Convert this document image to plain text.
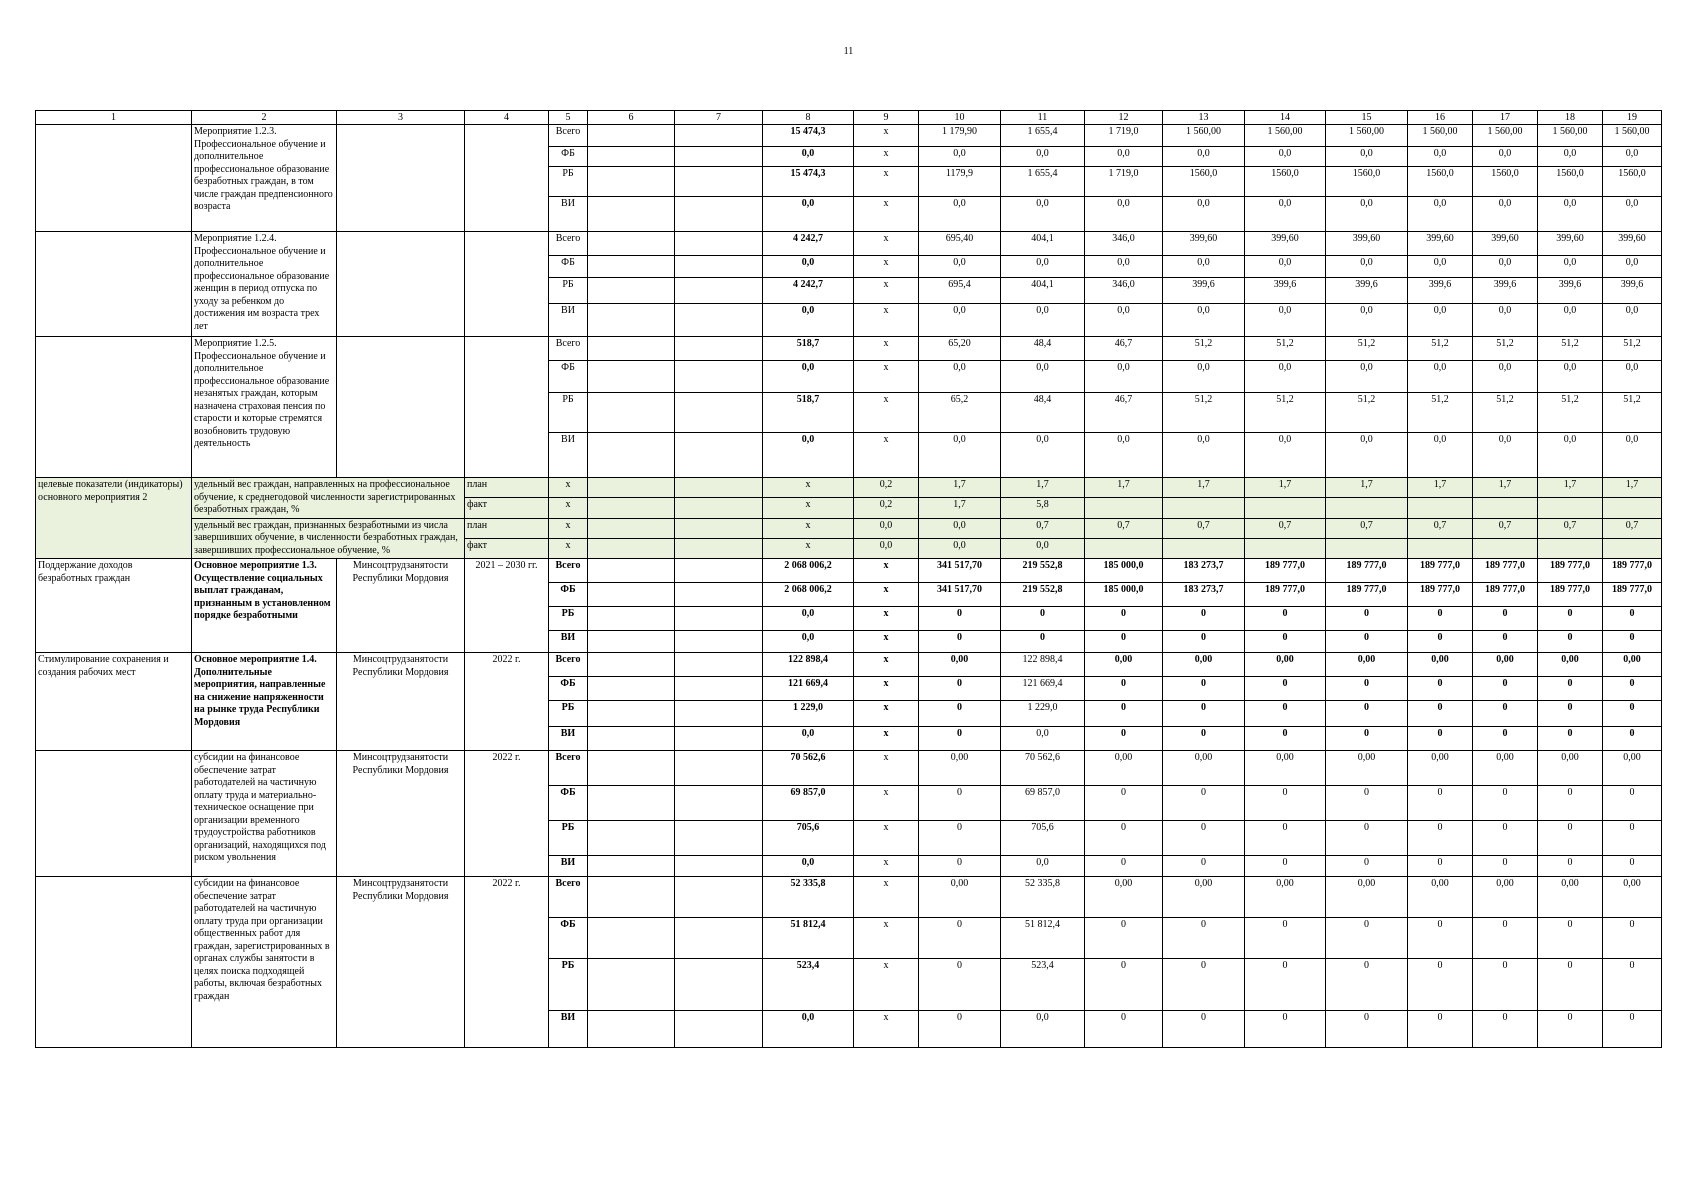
11
1	2	3	4	5	6	7	8	9	10	11	12	13	14	15	16	17	18	19
	Мероприятие 1.2.3. Профессиональное обучение и дополнительное профессиональное образование безработных граждан, в том числе граждан предпенсионного возраста			Всего			15 474,3	x	1 179,90	1 655,4	1 719,0	1 560,00	1 560,00	1 560,00	1 560,00	1 560,00	1 560,00	1 560,00
				ФБ			0,0	x	0,0	0,0	0,0	0,0	0,0	0,0	0,0	0,0	0,0	0,0
				РБ			15 474,3	x	1179,9	1 655,4	1 719,0	1560,0	1560,0	1560,0	1560,0	1560,0	1560,0	1560,0
				ВИ			0,0	x	0,0	0,0	0,0	0,0	0,0	0,0	0,0	0,0	0,0	0,0
	Мероприятие 1.2.4. Профессиональное обучение и дополнительное профессиональное образование женщин в период отпуска по уходу за ребенком до достижения им возраста трех лет			Всего			4 242,7	x	695,40	404,1	346,0	399,60	399,60	399,60	399,60	399,60	399,60	399,60
				ФБ			0,0	x	0,0	0,0	0,0	0,0	0,0	0,0	0,0	0,0	0,0	0,0
				РБ			4 242,7	x	695,4	404,1	346,0	399,6	399,6	399,6	399,6	399,6	399,6	399,6
				ВИ			0,0	x	0,0	0,0	0,0	0,0	0,0	0,0	0,0	0,0	0,0	0,0
	Мероприятие 1.2.5. Профессиональное обучение и дополнительное профессиональное образование незанятых граждан, которым назначена страховая пенсия по старости и которые стремятся возобновить трудовую деятельность			Всего			518,7	x	65,20	48,4	46,7	51,2	51,2	51,2	51,2	51,2	51,2	51,2
				ФБ			0,0	x	0,0	0,0	0,0	0,0	0,0	0,0	0,0	0,0	0,0	0,0
				РБ			518,7	x	65,2	48,4	46,7	51,2	51,2	51,2	51,2	51,2	51,2	51,2
				ВИ			0,0	x	0,0	0,0	0,0	0,0	0,0	0,0	0,0	0,0	0,0	0,0
целевые показатели (индикаторы) основного мероприятия 2	удельный вес граждан, направленных на профессиональное обучение, к среднегодовой численности зарегистрированных безработных граждан, %		план	x			x	0,2	1,7	1,7	1,7	1,7	1,7	1,7	1,7	1,7	1,7	1,7
			факт	x			x	0,2	1,7	5,8								
	удельный вес граждан, признанных безработными из числа завершивших обучение, в численности безработных граждан, завершивших профессиональное обучение, %		план	x			x	0,0	0,0	0,7	0,7	0,7	0,7	0,7	0,7	0,7	0,7	0,7
			факт	x			x	0,0	0,0	0,0								
Поддержание доходов безработных граждан	Основное мероприятие 1.3. Осуществление социальных выплат гражданам, признанным в установленном порядке безработными	Минсоцтрудзанятости Республики Мордовия	2021 – 2030 гг.	Всего			2 068 006,2	x	341 517,70	219 552,8	185 000,0	183 273,7	189 777,0	189 777,0	189 777,0	189 777,0	189 777,0	189 777,0
				ФБ			2 068 006,2	x	341 517,70	219 552,8	185 000,0	183 273,7	189 777,0	189 777,0	189 777,0	189 777,0	189 777,0	189 777,0
				РБ			0,0	x	0	0	0	0	0	0	0	0	0	0
				ВИ			0,0	x	0	0	0	0	0	0	0	0	0	0
Стимулирование сохранения и создания рабочих мест	Основное мероприятие 1.4. Дополнительные мероприятия, направленные на снижение напряженности на рынке труда Республики Мордовия	Минсоцтрудзанятости Республики Мордовия	2022 г.	Всего			122 898,4	x	0,00	122 898,4	0,00	0,00	0,00	0,00	0,00	0,00	0,00	0,00
				ФБ			121 669,4	x	0	121 669,4	0	0	0	0	0	0	0	0
				РБ			1 229,0	x	0	1 229,0	0	0	0	0	0	0	0	0
				ВИ			0,0	x	0	0,0	0	0	0	0	0	0	0	0
	субсидии на финансовое обеспечение затрат работодателей на частичную оплату труда и материально-техническое оснащение при организации временного трудоустройства работников организаций, находящихся под риском увольнения	Минсоцтрудзанятости Республики Мордовия	2022 г.	Всего			70 562,6	x	0,00	70 562,6	0,00	0,00	0,00	0,00	0,00	0,00	0,00	0,00
				ФБ			69 857,0	x	0	69 857,0	0	0	0	0	0	0	0	0
				РБ			705,6	x	0	705,6	0	0	0	0	0	0	0	0
				ВИ			0,0	x	0	0,0	0	0	0	0	0	0	0	0
	субсидии на финансовое обеспечение затрат работодателей на частичную оплату труда при организации общественных работ для граждан, зарегистрированных в органах службы занятости в целях поиска подходящей работы, включая безработных граждан	Минсоцтрудзанятости Республики Мордовия	2022 г.	Всего			52 335,8	x	0,00	52 335,8	0,00	0,00	0,00	0,00	0,00	0,00	0,00	0,00
				ФБ			51 812,4	x	0	51 812,4	0	0	0	0	0	0	0	0
				РБ			523,4	x	0	523,4	0	0	0	0	0	0	0	0
				ВИ			0,0	x	0	0,0	0	0	0	0	0	0	0	0
